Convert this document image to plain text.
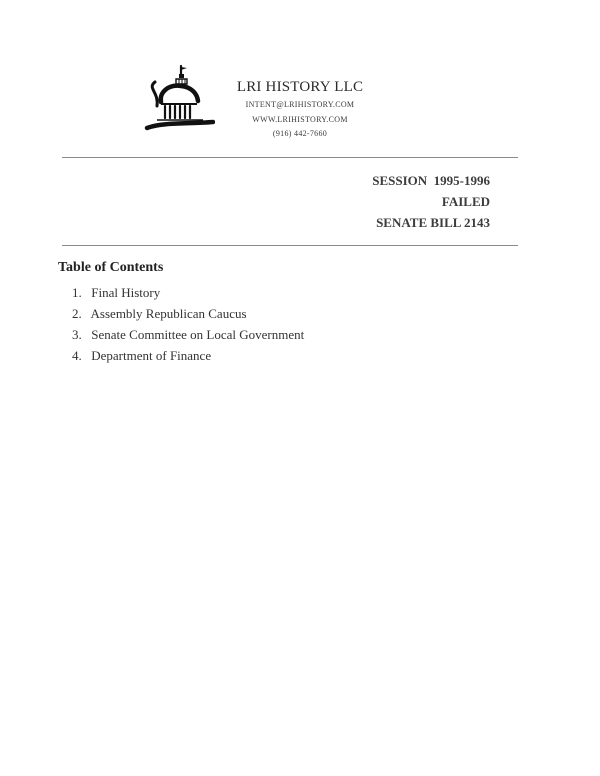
LRI HISTORY LLC
INTENT@LRIHISTORY.COM
WWW.LRIHISTORY.COM
(916) 442-7660
SESSION  1995-1996
FAILED
SENATE BILL 2143
Table of Contents
1. Final History
2. Assembly Republican Caucus
3. Senate Committee on Local Government
4. Department of Finance
